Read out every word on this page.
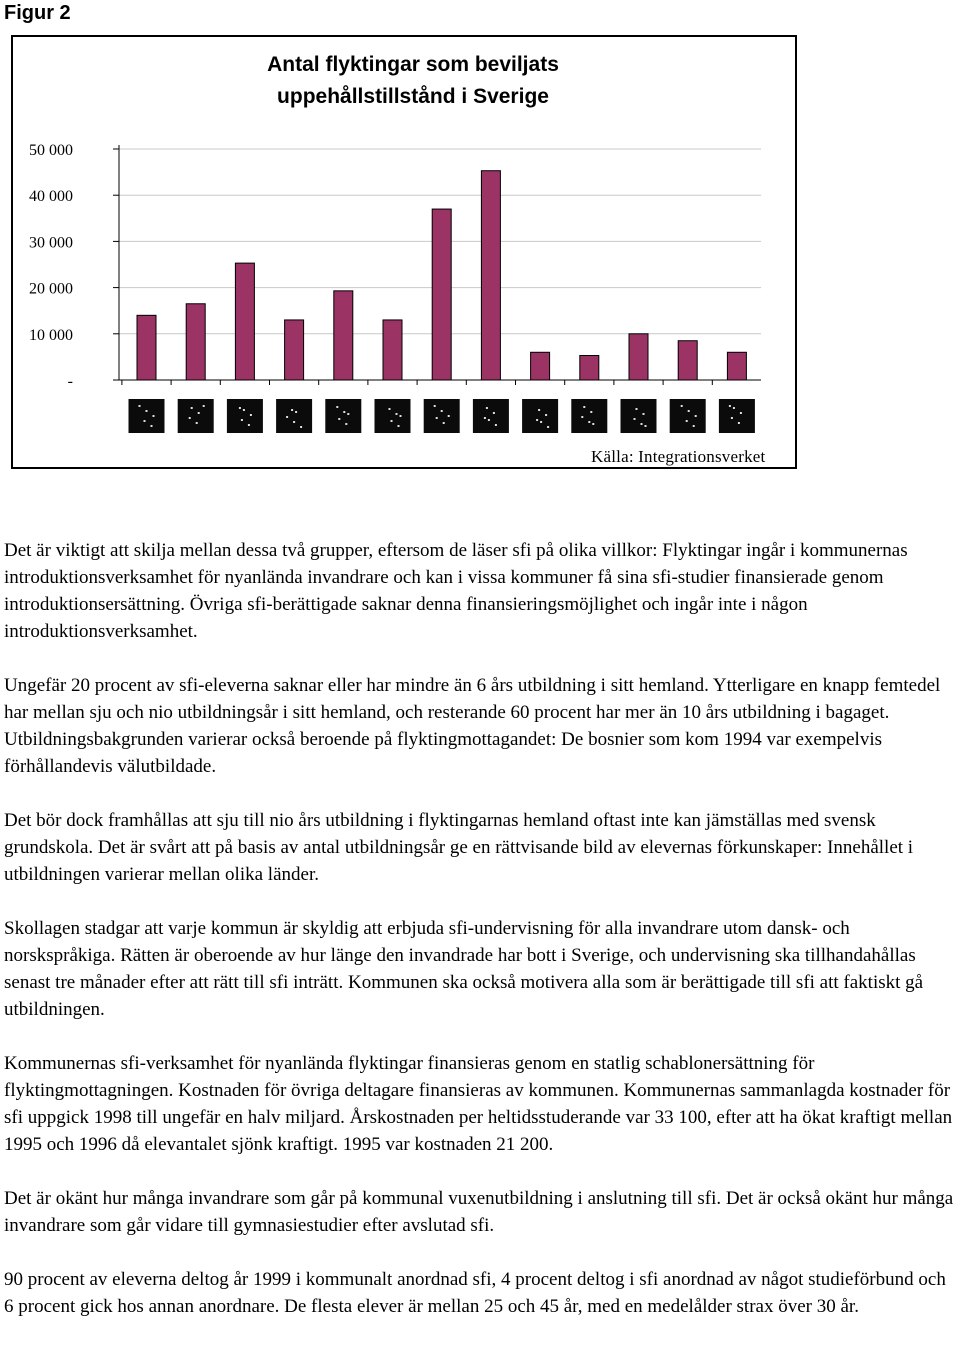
Figur 2
Antal flyktingar som beviljats
uppehållstillstånd i Sverige
-
10 000
20 000
30 000
40 000
50 000
Källa: Integrationsverket

Det är viktigt att skilja mellan dessa två grupper, eftersom de läser sfi på olika villkor: Flyktingar ingår i kommunernas introduktionsverksamhet för nyanlända invandrare och kan i vissa kommuner få sina sfi-studier finansierade genom introduktionsersättning. Övriga sfi-berättigade saknar denna finansieringsmöjlighet och ingår inte i någon introduktionsverksamhet.

Ungefär 20 procent av sfi-eleverna saknar eller har mindre än 6 års utbildning i sitt hemland. Ytterligare en knapp femtedel har mellan sju och nio utbildningsår i sitt hemland, och resterande 60 procent har mer än 10 års utbildning i bagaget. Utbildningsbakgrunden varierar också beroende på flyktingmottagandet: De bosnier som kom 1994 var exempelvis förhållandevis välutbildade.

Det bör dock framhållas att sju till nio års utbildning i flyktingarnas hemland oftast inte kan jämställas med svensk grundskola. Det är svårt att på basis av antal utbildningsår ge en rättvisande bild av elevernas förkunskaper: Innehållet i utbildningen varierar mellan olika länder.

Skollagen stadgar att varje kommun är skyldig att erbjuda sfi-undervisning för alla invandrare utom dansk- och norskspråkiga. Rätten är oberoende av hur länge den invandrade har bott i Sverige, och undervisning ska tillhandahållas senast tre månader efter att rätt till sfi inträtt. Kommunen ska också motivera alla som är berättigade till sfi att faktiskt gå utbildningen.

Kommunernas sfi-verksamhet för nyanlända flyktingar finansieras genom en statlig schablonersättning för flyktingmottagningen. Kostnaden för övriga deltagare finansieras av kommunen. Kommunernas sammanlagda kostnader för sfi uppgick 1998 till ungefär en halv miljard. Årskostnaden per heltidsstuderande var 33 100, efter att ha ökat kraftigt mellan 1995 och 1996 då elevantalet sjönk kraftigt. 1995 var kostnaden 21 200.

Det är okänt hur många invandrare som går på kommunal vuxenutbildning i anslutning till sfi. Det är också okänt hur många invandrare som går vidare till gymnasiestudier efter avslutad sfi.

90 procent av eleverna deltog år 1999 i kommunalt anordnad sfi, 4 procent deltog i sfi anordnad av något studieförbund och 6 procent gick hos annan anordnare. De flesta elever är mellan 25 och 45 år, med en medelålder strax över 30 år.
